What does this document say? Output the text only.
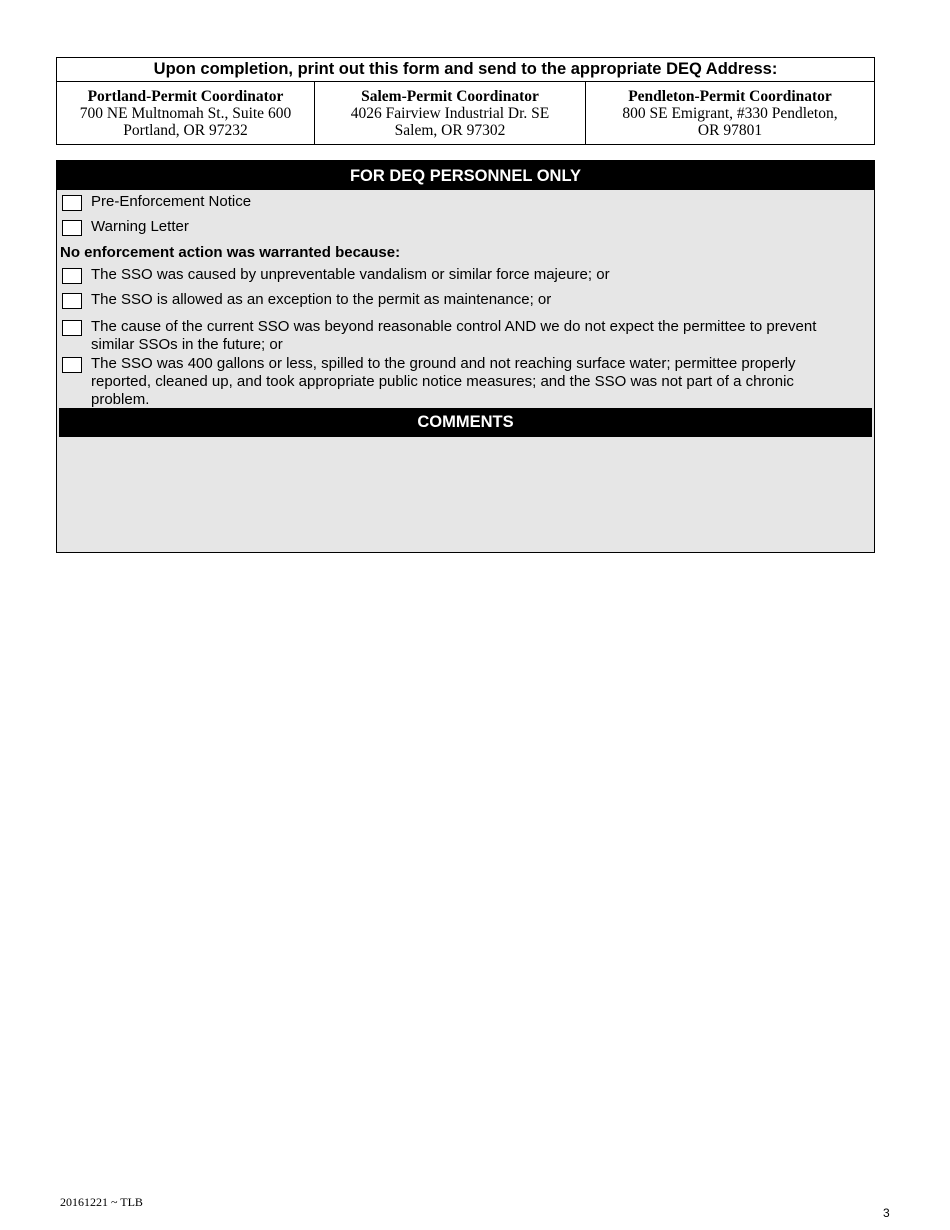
Upon completion, print out this form and send to the appropriate DEQ Address:
Portland-Permit Coordinator
700 NE Multnomah St., Suite 600
Portland, OR 97232
Salem-Permit Coordinator
4026 Fairview Industrial Dr. SE
Salem, OR 97302
Pendleton-Permit Coordinator
800 SE Emigrant, #330 Pendleton,
OR 97801
FOR DEQ PERSONNEL ONLY
Pre-Enforcement Notice
Warning Letter
No enforcement action was warranted because:
The SSO was caused by unpreventable vandalism or similar force majeure; or
The SSO is allowed as an exception to the permit as maintenance; or
The cause of the current SSO was beyond reasonable control AND we do not expect the permittee to prevent similar SSOs in the future; or
The SSO was 400 gallons or less, spilled to the ground and not reaching surface water; permittee properly reported, cleaned up, and took appropriate public notice measures; and the SSO was not part of a chronic problem.
COMMENTS
20161221 ~ TLB
3
